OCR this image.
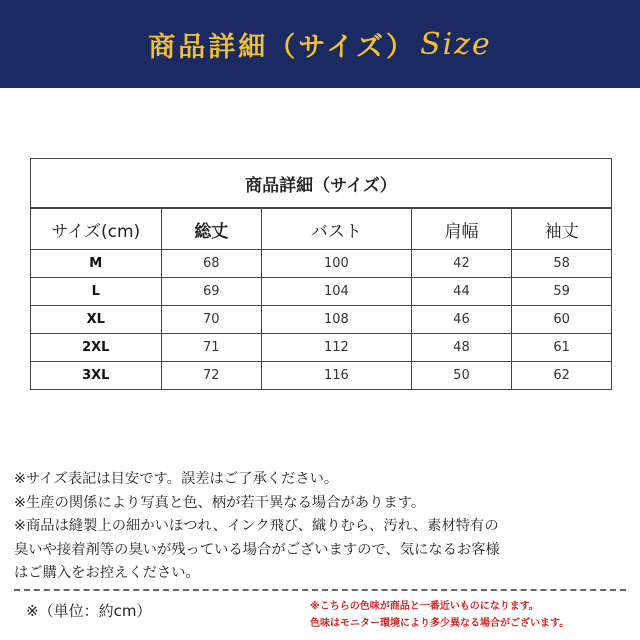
商品詳細（サイズ） Size
商品詳細（サイズ）
サイズ(cm)	総丈	バスト	肩幅	袖丈
M	68	100	42	58
L	69	104	44	59
XL	70	108	46	60
2XL	71	112	48	61
3XL	72	116	50	62

※サイズ表記は目安です。誤差はご了承ください。

※生産の関係により写真と色、柄が若干異なる場合があります。

※商品は縫製上の細かいほつれ、インク飛び、織りむら、汚れ、素材特有の

臭いや接着剤等の臭いが残っている場合がございますので、気になるお客様

はご購入をお控えください。

※（単位：約cm）	※こちらの色味が商品と一番近いものになります。

色味はモニター環境により多少異なる場合がございます。
